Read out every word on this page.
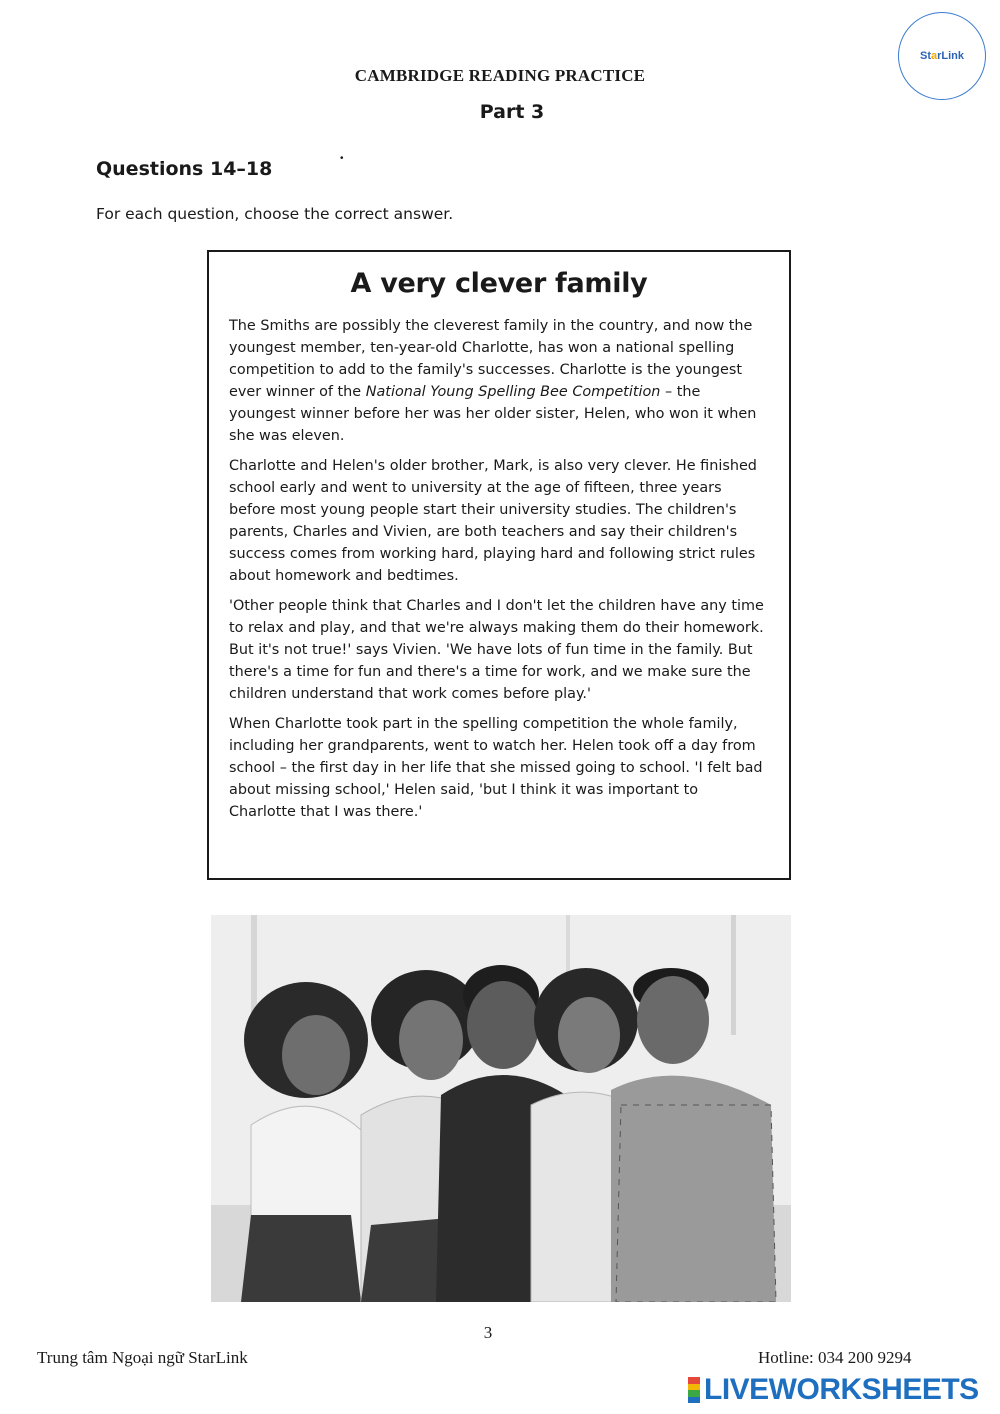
StarLink
CAMBRIDGE READING PRACTICE
Part 3
Questions 14–18	•
For each question, choose the correct answer.
A very clever family

The Smiths are possibly the cleverest family in the country, and now the youngest member, ten-year-old Charlotte, has won a national spelling competition to add to the family's successes. Charlotte is the youngest ever winner of the National Young Spelling Bee Competition – the youngest winner before her was her older sister, Helen, who won it when she was eleven.

Charlotte and Helen's older brother, Mark, is also very clever. He finished school early and went to university at the age of fifteen, three years before most young people start their university studies. The children's parents, Charles and Vivien, are both teachers and say their children's success comes from working hard, playing hard and following strict rules about homework and bedtimes.

'Other people think that Charles and I don't let the children have any time to relax and play, and that we're always making them do their homework. But it's not true!' says Vivien. 'We have lots of fun time in the family. But there's a time for fun and there's a time for work, and we make sure the children understand that work comes before play.'

When Charlotte took part in the spelling competition the whole family, including her grandparents, went to watch her. Helen took off a day from school – the first day in her life that she missed going to school. 'I felt bad about missing school,' Helen said, 'but I think it was important to Charlotte that I was there.'

3
Trung tâm Ngoại ngữ StarLink	Hotline: 034 200 9294
LIVEWORKSHEETS
